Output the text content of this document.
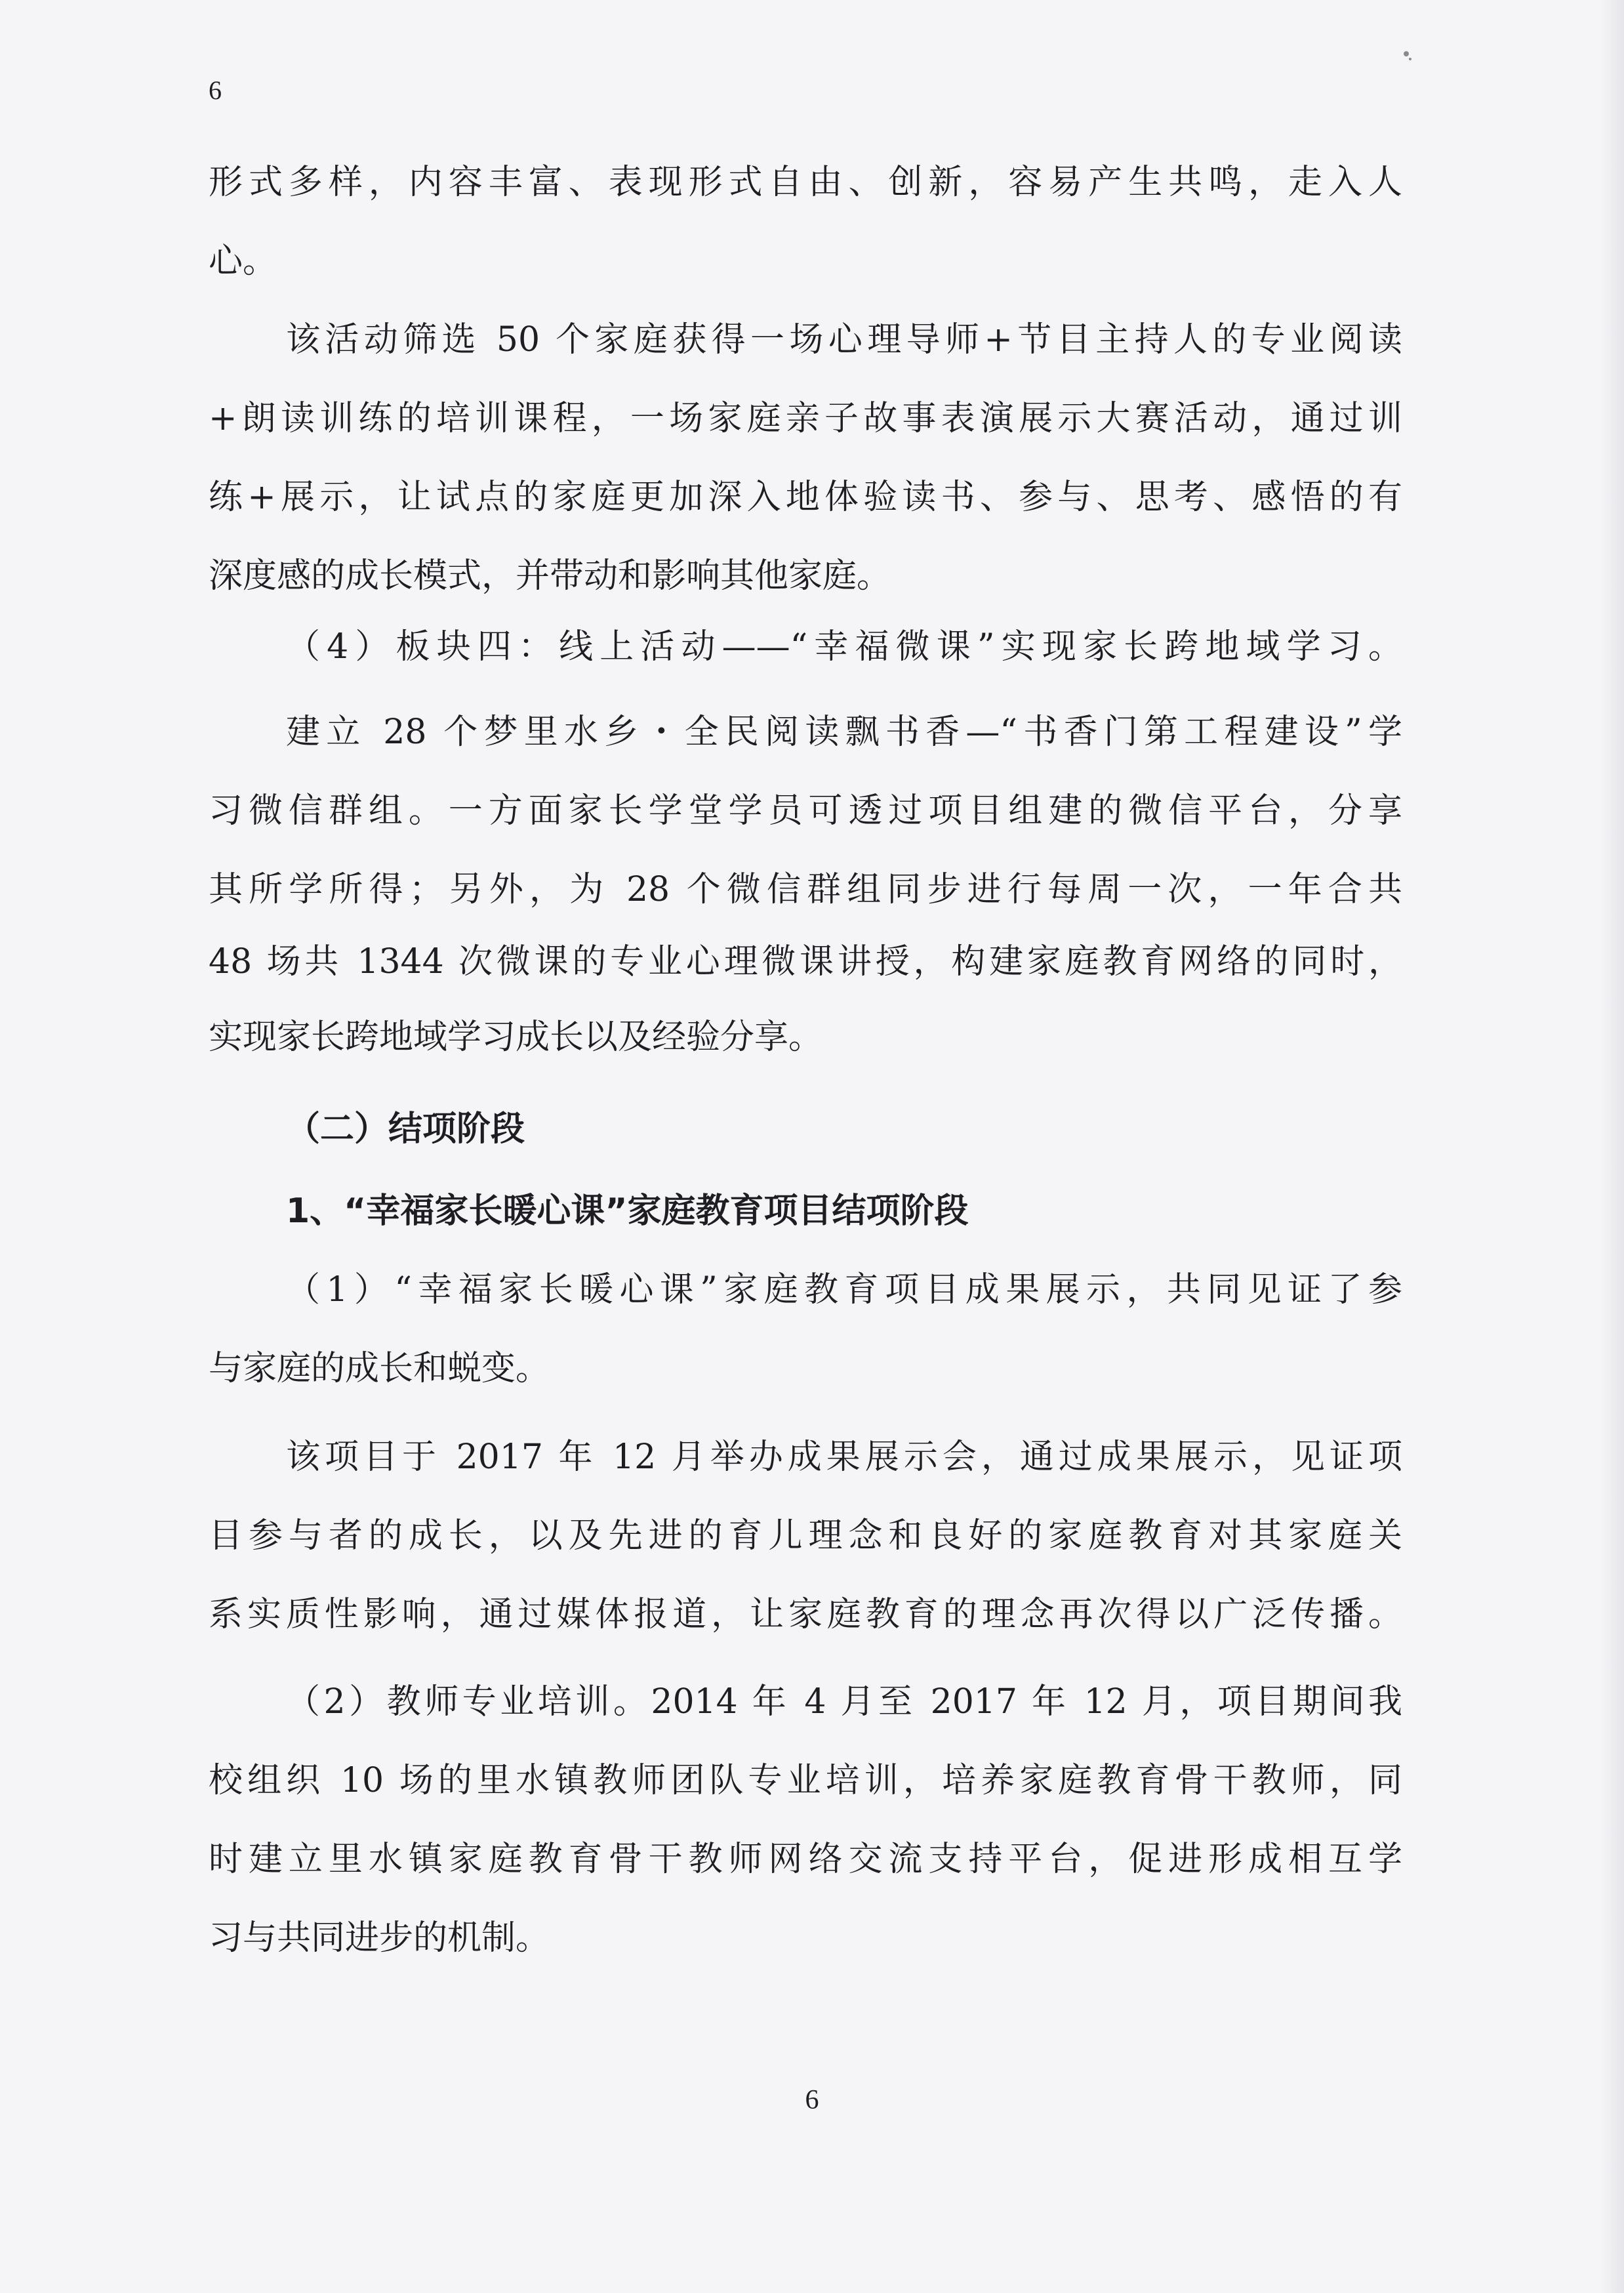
6
形式多样，内容丰富、表现形式自由、创新，容易产生共鸣，走入人
心。
该活动筛选 50 个家庭获得一场心理导师+节目主持人的专业阅读
+朗读训练的培训课程，一场家庭亲子故事表演展示大赛活动，通过训
练+展示，让试点的家庭更加深入地体验读书、参与、思考、感悟的有
深度感的成长模式，并带动和影响其他家庭。
（4）板块四：线上活动——“幸福微课”实现家长跨地域学习。
建立 28 个梦里水乡・全民阅读飘书香—“书香门第工程建设”学
习微信群组。一方面家长学堂学员可透过项目组建的微信平台，分享
其所学所得；另外，为 28 个微信群组同步进行每周一次，一年合共
48 场共 1344 次微课的专业心理微课讲授，构建家庭教育网络的同时，
实现家长跨地域学习成长以及经验分享。
（二）结项阶段
1、“幸福家长暖心课”家庭教育项目结项阶段
（1）“幸福家长暖心课”家庭教育项目成果展示，共同见证了参
与家庭的成长和蜕变。
该项目于 2017 年 12 月举办成果展示会，通过成果展示，见证项
目参与者的成长，以及先进的育儿理念和良好的家庭教育对其家庭关
系实质性影响，通过媒体报道，让家庭教育的理念再次得以广泛传播。
（2）教师专业培训。2014 年 4 月至 2017 年 12 月，项目期间我
校组织 10 场的里水镇教师团队专业培训，培养家庭教育骨干教师，同
时建立里水镇家庭教育骨干教师网络交流支持平台，促进形成相互学
习与共同进步的机制。
6
